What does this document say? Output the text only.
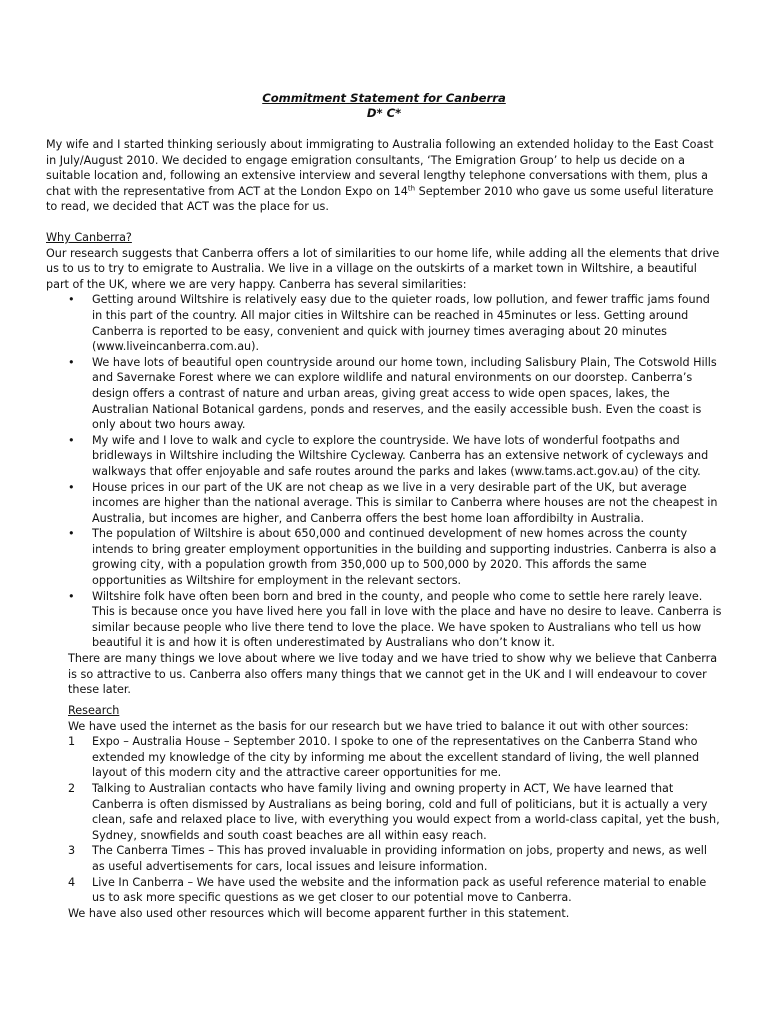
Commitment Statement for Canberra
D* C*

My wife and I started thinking seriously about immigrating to Australia following an extended holiday to the East Coast in July/August 2010. We decided to engage emigration consultants, ‘The Emigration Group’ to help us decide on a suitable location and, following an extensive interview and several lengthy telephone conversations with them, plus a chat with the representative from ACT at the London Expo on 14th September 2010 who gave us some useful literature to read, we decided that ACT was the place for us.

Why Canberra?

Our research suggests that Canberra offers a lot of similarities to our home life, while adding all the elements that drive us to us to try to emigrate to Australia. We live in a village on the outskirts of a market town in Wiltshire, a beautiful part of the UK, where we are very happy. Canberra has several similarities:

• Getting around Wiltshire is relatively easy due to the quieter roads, low pollution, and fewer traffic jams found in this part of the country. All major cities in Wiltshire can be reached in 45minutes or less. Getting around Canberra is reported to be easy, convenient and quick with journey times averaging about 20 minutes (www.liveincanberra.com.au).
• We have lots of beautiful open countryside around our home town, including Salisbury Plain, The Cotswold Hills and Savernake Forest where we can explore wildlife and natural environments on our doorstep. Canberra’s design offers a contrast of nature and urban areas, giving great access to wide open spaces, lakes, the Australian National Botanical gardens, ponds and reserves, and the easily accessible bush. Even the coast is only about two hours away.
• My wife and I love to walk and cycle to explore the countryside. We have lots of wonderful footpaths and bridleways in Wiltshire including the Wiltshire Cycleway. Canberra has an extensive network of cycleways and walkways that offer enjoyable and safe routes around the parks and lakes (www.tams.act.gov.au) of the city.
• House prices in our part of the UK are not cheap as we live in a very desirable part of the UK, but average incomes are higher than the national average. This is similar to Canberra where houses are not the cheapest in Australia, but incomes are higher, and Canberra offers the best home loan affordibilty in Australia.
• The population of Wiltshire is about 650,000 and continued development of new homes across the county intends to bring greater employment opportunities in the building and supporting industries. Canberra is also a growing city, with a population growth from 350,000 up to 500,000 by 2020. This affords the same opportunities as Wiltshire for employment in the relevant sectors.
• Wiltshire folk have often been born and bred in the county, and people who come to settle here rarely leave. This is because once you have lived here you fall in love with the place and have no desire to leave. Canberra is similar because people who live there tend to love the place. We have spoken to Australians who tell us how beautiful it is and how it is often underestimated by Australians who don’t know it.

There are many things we love about where we live today and we have tried to show why we believe that Canberra is so attractive to us. Canberra also offers many things that we cannot get in the UK and I will endeavour to cover these later.

Research

We have used the internet as the basis for our research but we have tried to balance it out with other sources:

1 Expo – Australia House – September 2010. I spoke to one of the representatives on the Canberra Stand who extended my knowledge of the city by informing me about the excellent standard of living, the well planned layout of this modern city and the attractive career opportunities for me.
2 Talking to Australian contacts who have family living and owning property in ACT, We have learned that Canberra is often dismissed by Australians as being boring, cold and full of politicians, but it is actually a very clean, safe and relaxed place to live, with everything you would expect from a world-class capital, yet the bush, Sydney, snowfields and south coast beaches are all within easy reach.
3 The Canberra Times – This has proved invaluable in providing information on jobs, property and news, as well as useful advertisements for cars, local issues and leisure information.
4 Live In Canberra – We have used the website and the information pack as useful reference material to enable us to ask more specific questions as we get closer to our potential move to Canberra.

We have also used other resources which will become apparent further in this statement.
